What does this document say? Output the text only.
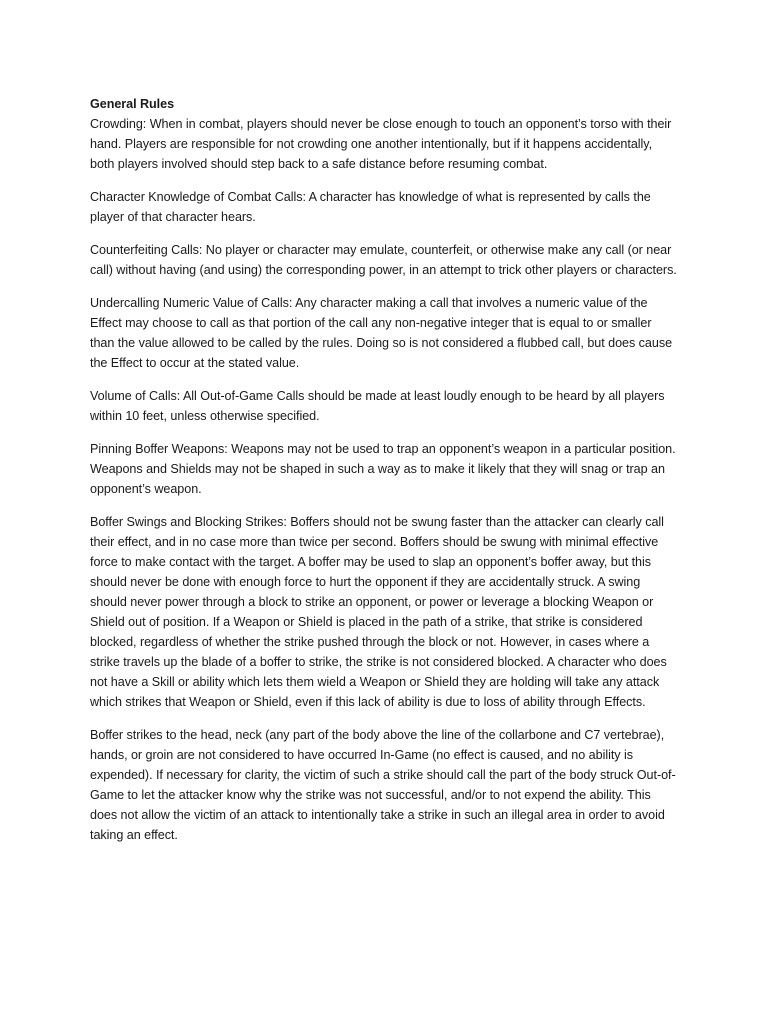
General Rules
Crowding: When in combat, players should never be close enough to touch an opponent’s torso with their hand. Players are responsible for not crowding one another intentionally, but if it happens accidentally, both players involved should step back to a safe distance before resuming combat.

Character Knowledge of Combat Calls: A character has knowledge of what is represented by calls the player of that character hears.

Counterfeiting Calls: No player or character may emulate, counterfeit, or otherwise make any call (or near call) without having (and using) the corresponding power, in an attempt to trick other players or characters.

Undercalling Numeric Value of Calls: Any character making a call that involves a numeric value of the Effect may choose to call as that portion of the call any non-negative integer that is equal to or smaller than the value allowed to be called by the rules. Doing so is not considered a flubbed call, but does cause the Effect to occur at the stated value.

Volume of Calls: All Out-of-Game Calls should be made at least loudly enough to be heard by all players within 10 feet, unless otherwise specified.

Pinning Boffer Weapons: Weapons may not be used to trap an opponent’s weapon in a particular position. Weapons and Shields may not be shaped in such a way as to make it likely that they will snag or trap an opponent’s weapon.

Boffer Swings and Blocking Strikes: Boffers should not be swung faster than the attacker can clearly call their effect, and in no case more than twice per second. Boffers should be swung with minimal effective force to make contact with the target. A boffer may be used to slap an opponent’s boffer away, but this should never be done with enough force to hurt the opponent if they are accidentally struck. A swing should never power through a block to strike an opponent, or power or leverage a blocking Weapon or Shield out of position. If a Weapon or Shield is placed in the path of a strike, that strike is considered blocked, regardless of whether the strike pushed through the block or not. However, in cases where a strike travels up the blade of a boffer to strike, the strike is not considered blocked. A character who does not have a Skill or ability which lets them wield a Weapon or Shield they are holding will take any attack which strikes that Weapon or Shield, even if this lack of ability is due to loss of ability through Effects.

Boffer strikes to the head, neck (any part of the body above the line of the collarbone and C7 vertebrae), hands, or groin are not considered to have occurred In-Game (no effect is caused, and no ability is expended). If necessary for clarity, the victim of such a strike should call the part of the body struck Out-of-Game to let the attacker know why the strike was not successful, and/or to not expend the ability. This does not allow the victim of an attack to intentionally take a strike in such an illegal area in order to avoid taking an effect.
